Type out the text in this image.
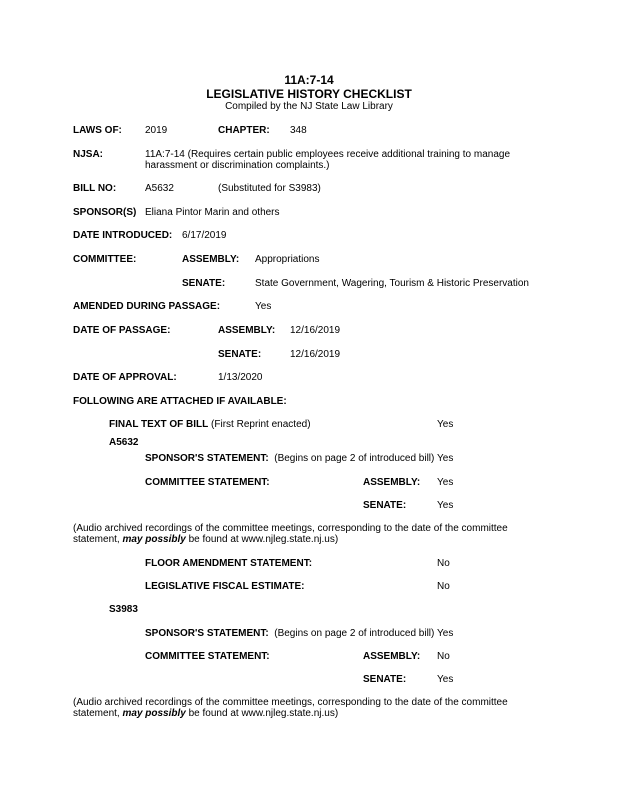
11A:7-14
LEGISLATIVE HISTORY CHECKLIST
Compiled by the NJ State Law Library
LAWS OF: 2019	CHAPTER: 348
NJSA:	11A:7-14 (Requires certain public employees receive additional training to manage
harassment or discrimination complaints.)
BILL NO:	A5632	(Substituted for S3983)
SPONSOR(S) Eliana Pintor Marin and others
DATE INTRODUCED: 6/17/2019
COMMITTEE:	ASSEMBLY: Appropriations
SENATE:	State Government, Wagering, Tourism & Historic Preservation
AMENDED DURING PASSAGE:	Yes
DATE OF PASSAGE:	ASSEMBLY: 12/16/2019
SENATE:	12/16/2019
DATE OF APPROVAL:	1/13/2020
FOLLOWING ARE ATTACHED IF AVAILABLE:
FINAL TEXT OF BILL (First Reprint enacted)	Yes
A5632
SPONSOR'S STATEMENT: (Begins on page 2 of introduced bill) Yes
COMMITTEE STATEMENT:	ASSEMBLY: Yes
SENATE:	Yes
(Audio archived recordings of the committee meetings, corresponding to the date of the committee
statement, may possibly be found at www.njleg.state.nj.us)
FLOOR AMENDMENT STATEMENT:	No
LEGISLATIVE FISCAL ESTIMATE:	No
S3983
SPONSOR'S STATEMENT: (Begins on page 2 of introduced bill) Yes
COMMITTEE STATEMENT:	ASSEMBLY: No
SENATE:	Yes
(Audio archived recordings of the committee meetings, corresponding to the date of the committee
statement, may possibly be found at www.njleg.state.nj.us)
